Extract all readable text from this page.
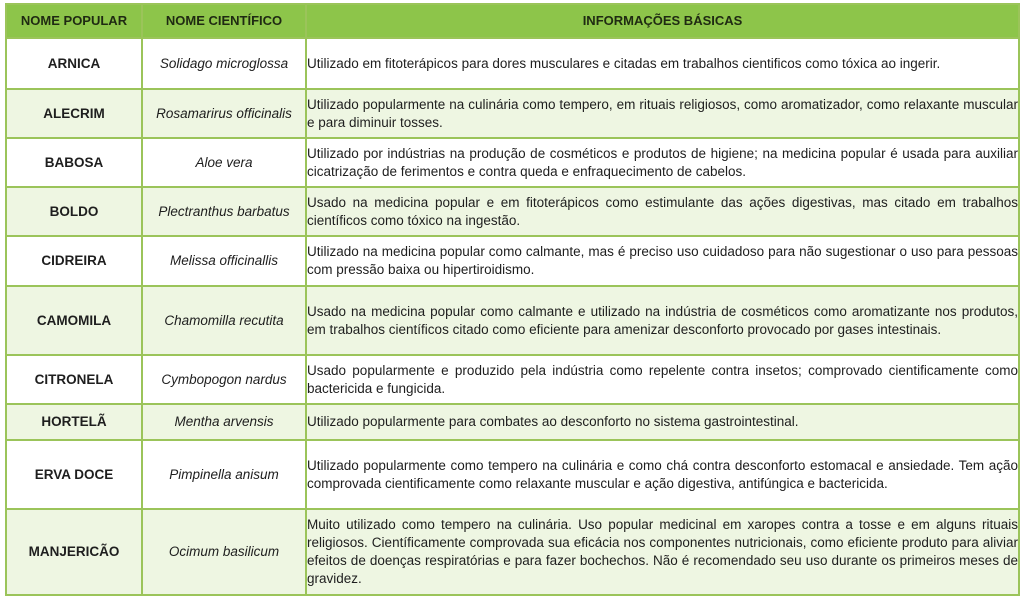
NOME POPULAR	NOME CIENTÍFICO	INFORMAÇÕES BÁSICAS
ARNICA	Solidago microglossa	Utilizado em fitoterápicos para dores musculares e citadas em trabalhos cientificos como tóxica ao ingerir.
ALECRIM	Rosamarirus officinalis	Utilizado popularmente na culinária como tempero, em rituais religiosos, como aromatizador, como relaxante muscular e para diminuir tosses.
BABOSA	Aloe vera	Utilizado por indústrias na produção de cosméticos e produtos de higiene; na medicina popular é usada para auxiliar cicatrização de ferimentos e contra queda e enfraquecimento de cabelos.
BOLDO	Plectranthus barbatus	Usado na medicina popular e em fitoterápicos como estimulante das ações digestivas, mas citado em trabalhos científicos como tóxico na ingestão.
CIDREIRA	Melissa officinallis	Utilizado na medicina popular como calmante, mas é preciso uso cuidadoso para não sugestionar o uso para pessoas com pressão baixa ou hipertiroidismo.
CAMOMILA	Chamomilla recutita	Usado na medicina popular como calmante e utilizado na indústria de cosméticos como aromatizante nos produtos, em trabalhos científicos citado como eficiente para amenizar desconforto provocado por gases intestinais.
CITRONELA	Cymbopogon nardus	Usado popularmente e produzido pela indústria como repelente contra insetos; comprovado cientificamente como bactericida e fungicida.
HORTELÃ	Mentha arvensis	Utilizado popularmente para combates ao desconforto no sistema gastrointestinal.
ERVA DOCE	Pimpinella anisum	Utilizado popularmente como tempero na culinária e como chá contra desconforto estomacal e ansiedade. Tem ação comprovada cientificamente como relaxante muscular e ação digestiva, antifúngica e bactericida.
MANJERICÃO	Ocimum basilicum	Muito utilizado como tempero na culinária. Uso popular medicinal em xaropes contra a tosse e em alguns rituais religiosos. Científicamente comprovada sua eficácia nos componentes nutricionais, como eficiente produto para aliviar efeitos de doenças respiratórias e para fazer bochechos. Não é recomendado seu uso durante os primeiros meses de gravidez.
